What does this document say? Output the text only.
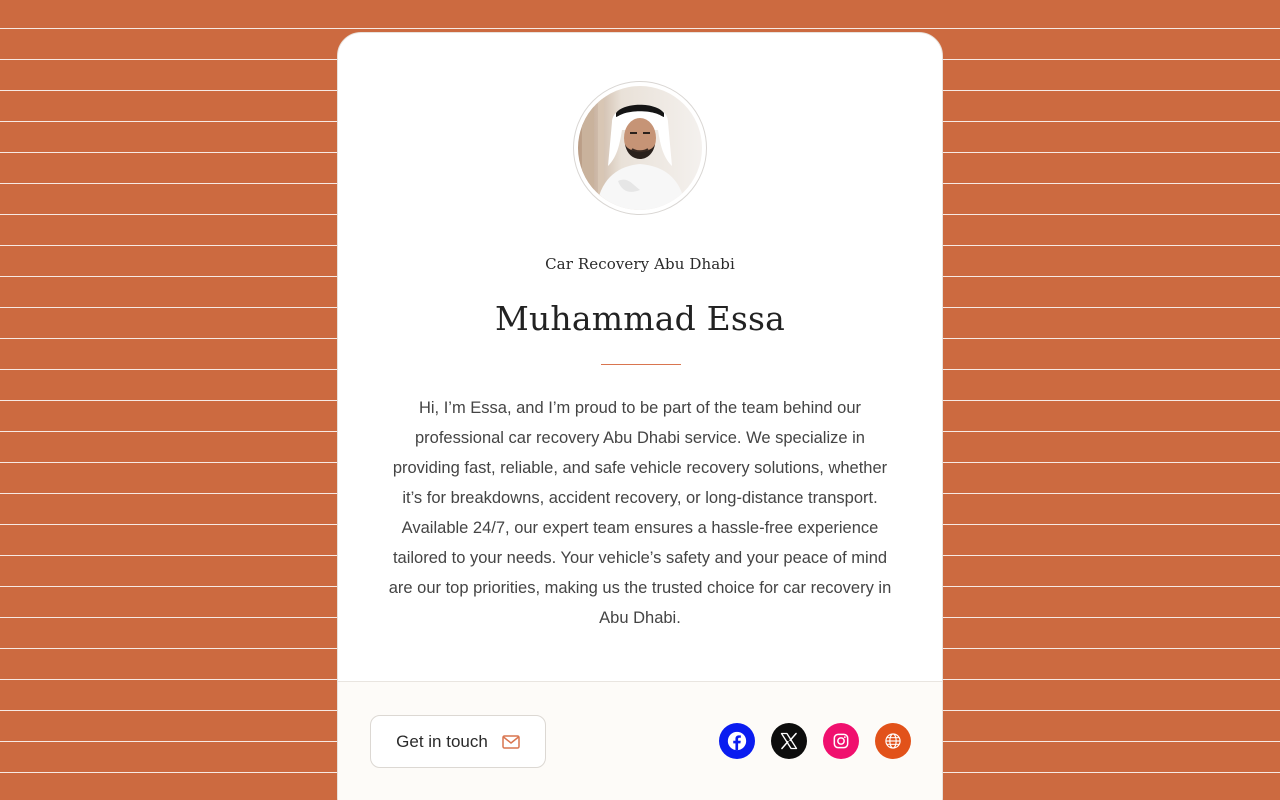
Car Recovery Abu Dhabi
Muhammad Essa

Hi, I’m Essa, and I’m proud to be part of the team behind our professional car recovery Abu Dhabi service. We specialize in providing fast, reliable, and safe vehicle recovery solutions, whether it’s for breakdowns, accident recovery, or long-distance transport. Available 24/7, our expert team ensures a hassle-free experience tailored to your needs. Your vehicle’s safety and your peace of mind are our top priorities, making us the trusted choice for car recovery in Abu Dhabi.

Get in touch
